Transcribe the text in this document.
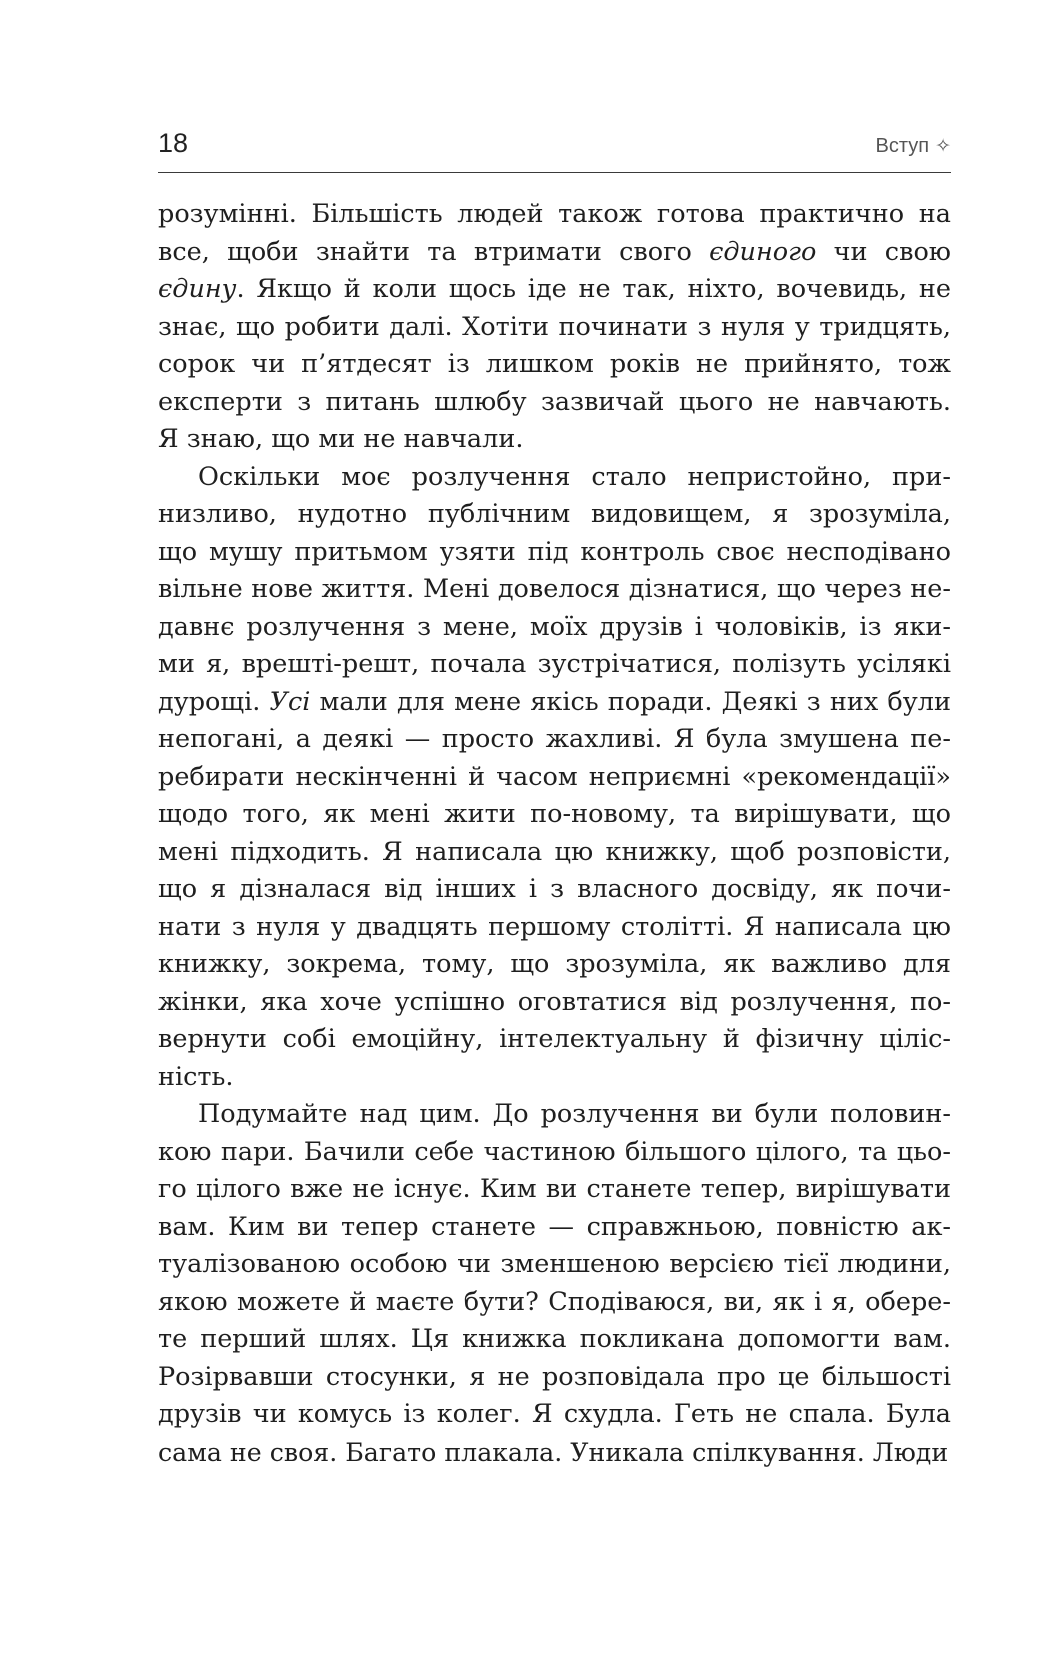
18	Вступ ✧

розумінні. Більшість людей також готова практично на
все, щоби знайти та втримати свого єдиного чи свою
єдину. Якщо й коли щось іде не так, ніхто, вочевидь, не
знає, що робити далі. Хотіти починати з нуля у тридцять,
сорок чи п’ятдесят із лишком років не прийнято, тож
експерти з питань шлюбу зазвичай цього не навчають.
Я знаю, що ми не навчали.

Оскільки моє розлучення стало непристойно, при-
низливо, нудотно публічним видовищем, я зрозуміла,
що мушу притьмом узяти під контроль своє несподівано
вільне нове життя. Мені довелося дізнатися, що через не-
давнє розлучення з мене, моїх друзів і чоловіків, із яки-
ми я, врешті-решт, почала зустрічатися, полізуть усілякі
дурощі. Усі мали для мене якісь поради. Деякі з них були
непогані, а деякі — просто жахливі. Я була змушена пе-
ребирати нескінченні й часом неприємні «рекомендації»
щодо того, як мені жити по-новому, та вирішувати, що
мені підходить. Я написала цю книжку, щоб розповісти,
що я дізналася від інших і з власного досвіду, як почи-
нати з нуля у двадцять першому столітті. Я написала цю
книжку, зокрема, тому, що зрозуміла, як важливо для
жінки, яка хоче успішно оговтатися від розлучення, по-
вернути собі емоційну, інтелектуальну й фізичну ціліс-
ність.

Подумайте над цим. До розлучення ви були половин-
кою пари. Бачили себе частиною більшого цілого, та цьо-
го цілого вже не існує. Ким ви станете тепер, вирішувати
вам. Ким ви тепер станете — справжньою, повністю ак-
туалізованою особою чи зменшеною версією тієї людини,
якою можете й маєте бути? Сподіваюся, ви, як і я, обере-
те перший шлях. Ця книжка покликана допомогти вам.
Розірвавши стосунки, я не розповідала про це більшості
друзів чи комусь із колег. Я схудла. Геть не спала. Була
сама не своя. Багато плакала. Уникала спілкування. Люди
